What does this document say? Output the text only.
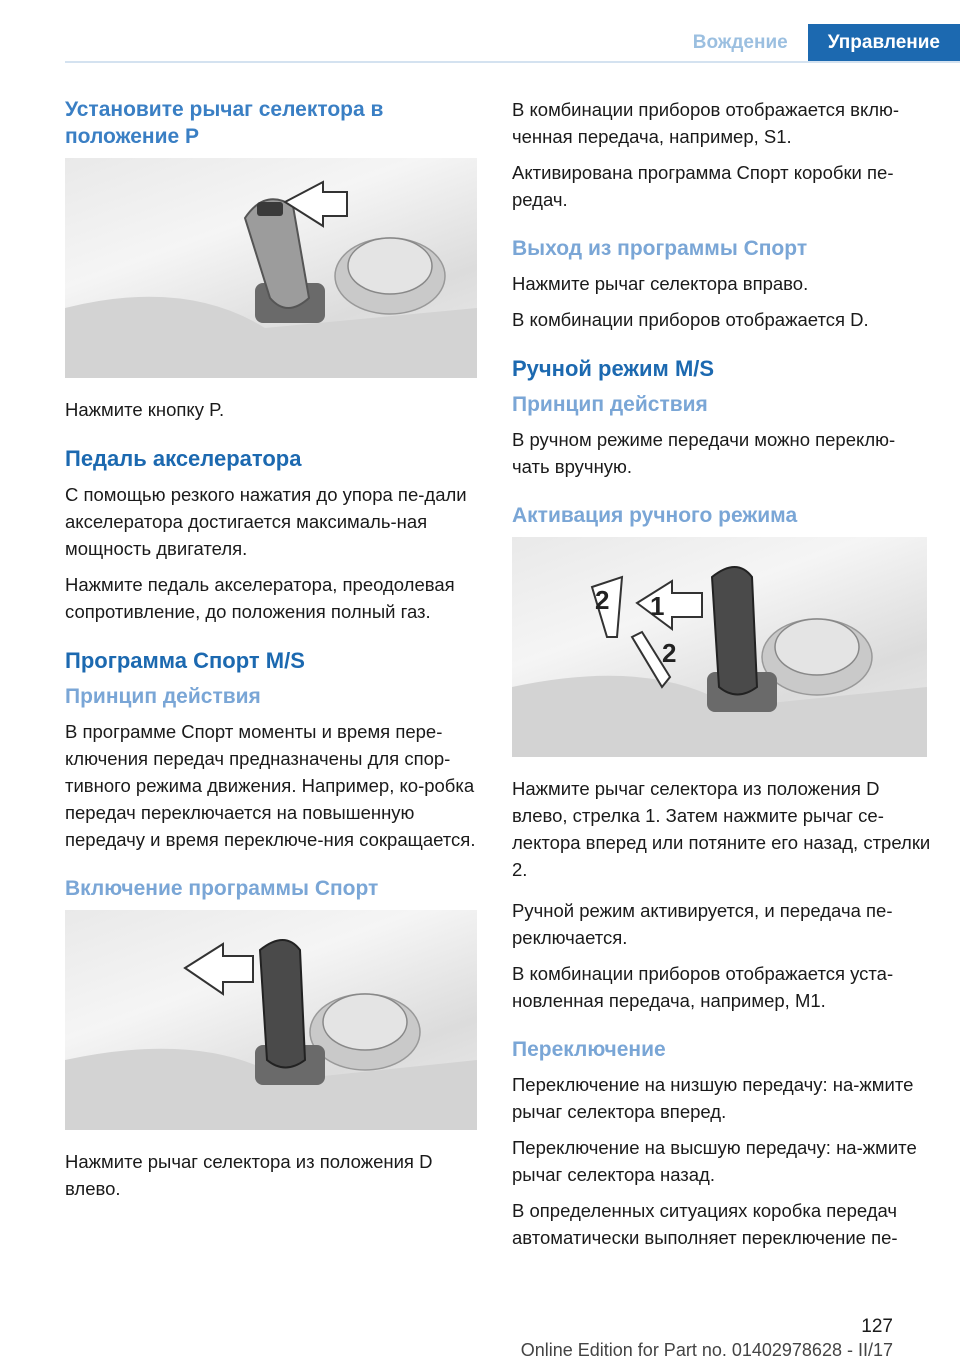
Вождение	Управление
Установите рычаг селектора в положение P

Нажмите кнопку P.

Педаль акселератора

С помощью резкого нажатия до упора пе-дали акселератора достигается максималь-ная мощность двигателя.

Нажмите педаль акселератора, преодолевая сопротивление, до положения полный газ.

Программа Спорт M/S
Принцип действия

В программе Спорт моменты и время пере-ключения передач предназначены для спор-тивного режима движения. Например, ко-робка передач переключается на повышенную передачу и время переключе-ния сокращается.

Включение программы Спорт

Нажмите рычаг селектора из положения D влево.

В комбинации приборов отображается вклю-ченная передача, например, S1.

Активирована программа Спорт коробки пе-редач.

Выход из программы Спорт

Нажмите рычаг селектора вправо.

В комбинации приборов отображается D.

Ручной режим M/S
Принцип действия

В ручном режиме передачи можно переклю-чать вручную.

Активация ручного режима
2 1
2

Нажмите рычаг селектора из положения D влево, стрелка 1. Затем нажмите рычаг се-лектора вперед или потяните его назад, стрелки 2.

Ручной режим активируется, и передача пе-реключается.

В комбинации приборов отображается уста-новленная передача, например, M1.

Переключение

Переключение на низшую передачу: на-жмите рычаг селектора вперед.

Переключение на высшую передачу: на-жмите рычаг селектора назад.

В определенных ситуациях коробка передач автоматически выполняет переключение пе-

127
Online Edition for Part no. 01402978628 - II/17
